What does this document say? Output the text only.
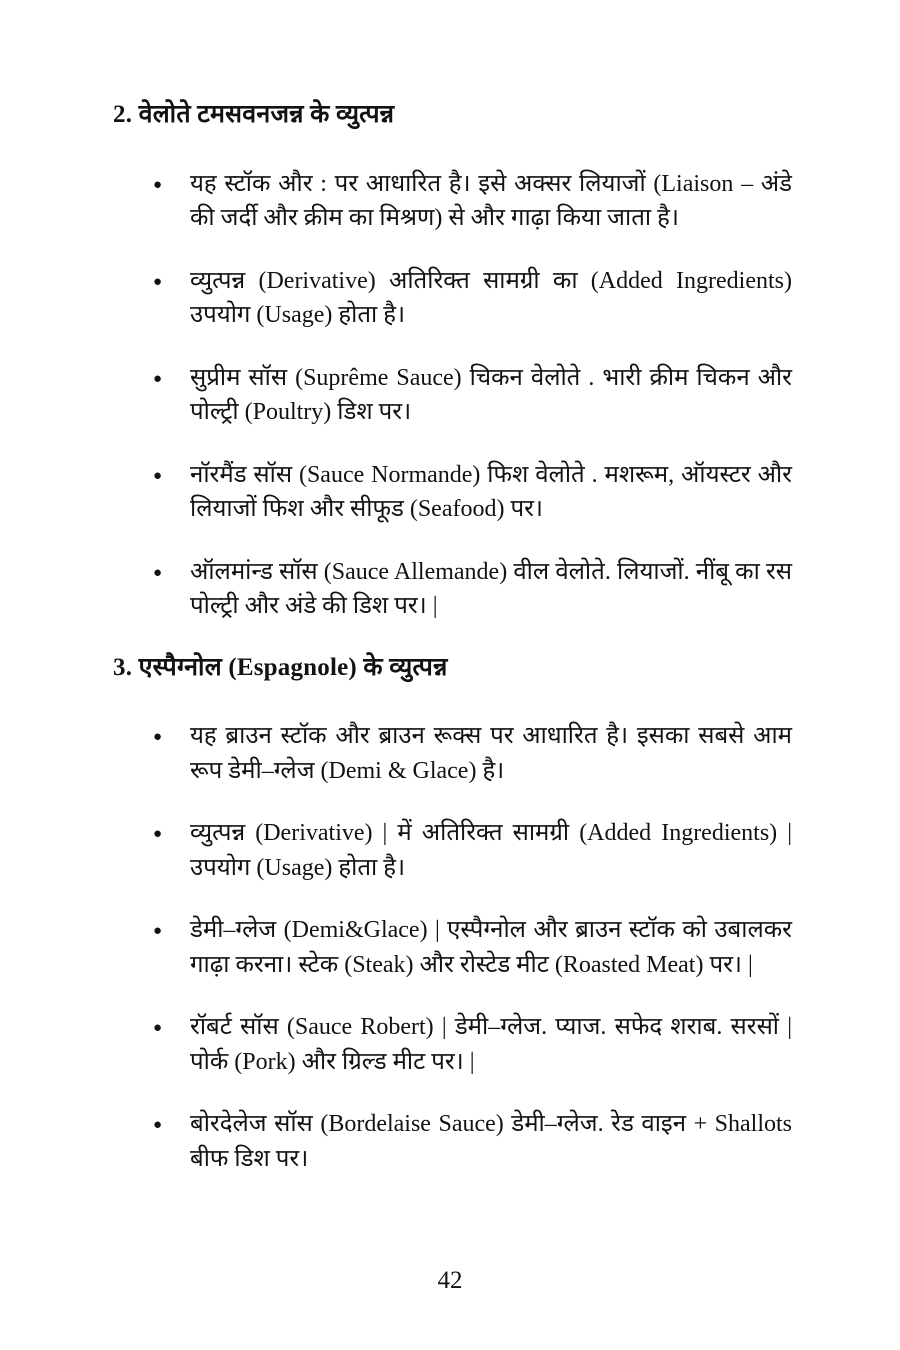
2. वेलोते टमसवनजन्न के व्युत्पन्न
● यह स्टॉक और : पर आधारित है। इसे अक्सर लियाजों (Liaison – अंडे की जर्दी और क्रीम का मिश्रण) से और गाढ़ा किया जाता है।
● व्युत्पन्न (Derivative) अतिरिक्त सामग्री का (Added Ingredients) उपयोग (Usage) होता है।
● सुप्रीम सॉस (Suprême Sauce) चिकन वेलोते . भारी क्रीम चिकन और पोल्ट्री (Poultry) डिश पर।
● नॉरमैंड सॉस (Sauce Normande) फिश वेलोते . मशरूम, ऑयस्टर और लियाजों फिश और सीफूड (Seafood) पर।
● ऑलमांन्ड सॉस (Sauce Allemande) वील वेलोते. लियाजों. नींबू का रस पोल्ट्री और अंडे की डिश पर। |
3. एस्पैग्नोल (Espagnole) के व्युत्पन्न
● यह ब्राउन स्टॉक और ब्राउन रूक्स पर आधारित है। इसका सबसे आम रूप डेमी–ग्लेज (Demi & Glace) है।
● व्युत्पन्न (Derivative) | में अतिरिक्त सामग्री (Added Ingredients) | उपयोग (Usage) होता है।
● डेमी–ग्लेज (Demi&Glace) | एस्पैग्नोल और ब्राउन स्टॉक को उबालकर गाढ़ा करना। स्टेक (Steak) और रोस्टेड मीट (Roasted Meat) पर। |
● रॉबर्ट सॉस (Sauce Robert) | डेमी–ग्लेज. प्याज. सफेद शराब. सरसों | पोर्क (Pork) और ग्रिल्ड मीट पर। |
● बोरदेलेज सॉस (Bordelaise Sauce) डेमी–ग्लेज. रेड वाइन + Shallots बीफ डिश पर।
42
